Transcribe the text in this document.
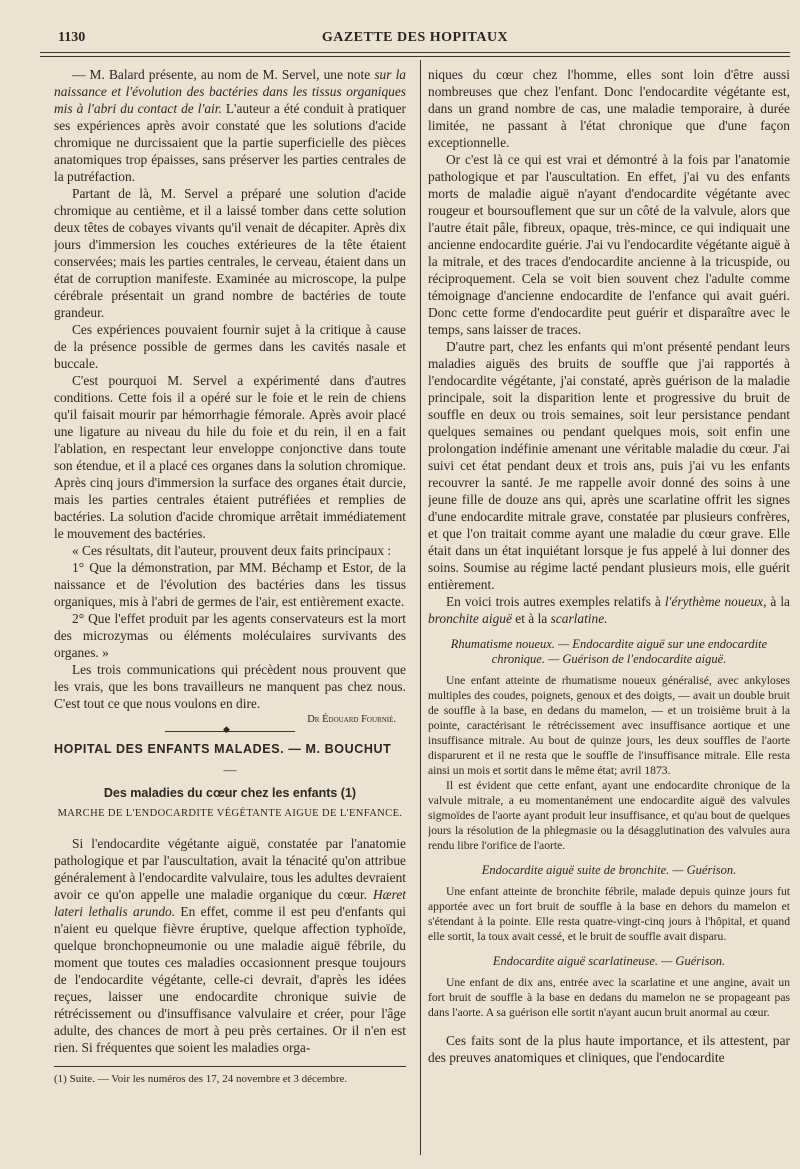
1130	GAZETTE DES HOPITAUX

— M. Balard présente, au nom de M. Servel, une note sur la naissance et l'évolution des bactéries dans les tissus organiques mis à l'abri du contact de l'air. L'auteur a été conduit à pratiquer ses expériences après avoir constaté que les solutions d'acide chromique ne durcissaient que la partie superficielle des pièces anatomiques trop épaisses, sans préserver les parties centrales de la putréfaction.

Partant de là, M. Servel a préparé une solution d'acide chromique au centième, et il a laissé tomber dans cette solution deux têtes de cobayes vivants qu'il venait de décapiter. Après dix jours d'immersion les couches extérieures de la tête étaient conservées; mais les parties centrales, le cerveau, étaient dans un état de corruption manifeste. Examinée au microscope, la pulpe cérébrale présentait un grand nombre de bactéries de toute grandeur.

Ces expériences pouvaient fournir sujet à la critique à cause de la présence possible de germes dans les cavités nasale et buccale.

C'est pourquoi M. Servel a expérimenté dans d'autres conditions. Cette fois il a opéré sur le foie et le rein de chiens qu'il faisait mourir par hémorrhagie fémorale. Après avoir placé une ligature au niveau du hile du foie et du rein, il en a fait l'ablation, en respectant leur enveloppe conjonctive dans toute son étendue, et il a placé ces organes dans la solution chromique. Après cinq jours d'immersion la surface des organes était durcie, mais les parties centrales étaient putréfiées et remplies de bactéries. La solution d'acide chromique arrêtait immédiatement le mouvement des bactéries.

« Ces résultats, dit l'auteur, prouvent deux faits principaux :

1° Que la démonstration, par MM. Béchamp et Estor, de la naissance et de l'évolution des bactéries dans les tissus organiques, mis à l'abri de germes de l'air, est entièrement exacte.

2° Que l'effet produit par les agents conservateurs est la mort des microzymas ou éléments moléculaires survivants des organes. »

Les trois communications qui précèdent nous prouvent que les vrais, que les bons travailleurs ne manquent pas chez nous. C'est tout ce que nous voulons en dire.

Dr Édouard Fournié.
◆
HOPITAL DES ENFANTS MALADES. — M. BOUCHUT
—
Des maladies du cœur chez les enfants (1)
MARCHE DE L'ENDOCARDITE VÉGÉTANTE AIGUE DE L'ENFANCE.

Si l'endocardite végétante aiguë, constatée par l'anatomie pathologique et par l'auscultation, avait la ténacité qu'on attribue généralement à l'endocardite valvulaire, tous les adultes devraient avoir ce qu'on appelle une maladie organique du cœur. Hæret lateri lethalis arundo. En effet, comme il est peu d'enfants qui n'aient eu quelque fièvre éruptive, quelque affection typhoïde, quelque bronchopneumonie ou une maladie aiguë fébrile, du moment que toutes ces maladies occasionnent presque toujours de l'endocardite végétante, celle-ci devrait, d'après les idées reçues, laisser une endocardite chronique suivie de rétrécissement ou d'insuffisance valvulaire et créer, pour l'âge adulte, des chances de mort à peu près certaines. Or il n'en est rien. Si fréquentes que soient les maladies orga-

(1) Suite. — Voir les numéros des 17, 24 novembre et 3 décembre.

niques du cœur chez l'homme, elles sont loin d'être aussi nombreuses que chez l'enfant. Donc l'endocardite végétante est, dans un grand nombre de cas, une maladie temporaire, à durée limitée, ne passant à l'état chronique que d'une façon exceptionnelle.

Or c'est là ce qui est vrai et démontré à la fois par l'anatomie pathologique et par l'auscultation. En effet, j'ai vu des enfants morts de maladie aiguë n'ayant d'endocardite végétante avec rougeur et boursouflement que sur un côté de la valvule, alors que l'autre était pâle, fibreux, opaque, très-mince, ce qui indiquait une ancienne endocardite guérie. J'ai vu l'endocardite végétante aiguë à la mitrale, et des traces d'endocardite ancienne à la tricuspide, ou réciproquement. Cela se voit bien souvent chez l'adulte comme témoignage d'ancienne endocardite de l'enfance qui avait guéri. Donc cette forme d'endocardite peut guérir et disparaître avec le temps, sans laisser de traces.

D'autre part, chez les enfants qui m'ont présenté pendant leurs maladies aiguës des bruits de souffle que j'ai rapportés à l'endocardite végétante, j'ai constaté, après guérison de la maladie principale, soit la disparition lente et progressive du bruit de souffle en deux ou trois semaines, soit leur persistance pendant quelques semaines ou pendant quelques mois, soit enfin une prolongation indéfinie amenant une véritable maladie du cœur. J'ai suivi cet état pendant deux et trois ans, puis j'ai vu les enfants recouvrer la santé. Je me rappelle avoir donné des soins à une jeune fille de douze ans qui, après une scarlatine offrit les signes d'une endocardite mitrale grave, constatée par plusieurs confrères, et que l'on traitait comme ayant une maladie du cœur grave. Elle était dans un état inquiétant lorsque je fus appelé à lui donner des soins. Soumise au régime lacté pendant plusieurs mois, elle guérit entièrement.

En voici trois autres exemples relatifs à l'érythème noueux, à la bronchite aiguë et à la scarlatine.

Rhumatisme noueux. — Endocardite aiguë sur une endocardite chronique. — Guérison de l'endocardite aiguë.

Une enfant atteinte de rhumatisme noueux généralisé, avec ankyloses multiples des coudes, poignets, genoux et des doigts, — avait un double bruit de souffle à la base, en dedans du mamelon, — et un troisième bruit à la pointe, caractérisant le rétrécissement avec insuffisance aortique et une insuffisance mitrale. Au bout de quinze jours, les deux souffles de l'aorte disparurent et il ne resta que le souffle de l'insuffisance mitrale. Elle resta ainsi un mois et sortit dans le même état; avril 1873.

Il est évident que cette enfant, ayant une endocardite chronique de la valvule mitrale, a eu momentanément une endocardite aiguë des valvules sigmoïdes de l'aorte ayant produit leur insuffisance, et qu'au bout de quelques jours la résolution de la phlegmasie ou la désagglutination des valvules aura rendu libre l'orifice de l'aorte.

Endocardite aiguë suite de bronchite. — Guérison.

Une enfant atteinte de bronchite fébrile, malade depuis quinze jours fut apportée avec un fort bruit de souffle à la base en dehors du mamelon et s'étendant à la pointe. Elle resta quatre-vingt-cinq jours à l'hôpital, et quand elle sortit, la toux avait cessé, et le bruit de souffle avait disparu.

Endocardite aiguë scarlatineuse. — Guérison.

Une enfant de dix ans, entrée avec la scarlatine et une angine, avait un fort bruit de souffle à la base en dedans du mamelon ne se propageant pas dans l'aorte. A sa guérison elle sortit n'ayant aucun bruit anormal au cœur.

Ces faits sont de la plus haute importance, et ils attestent, par des preuves anatomiques et cliniques, que l'endocardite
